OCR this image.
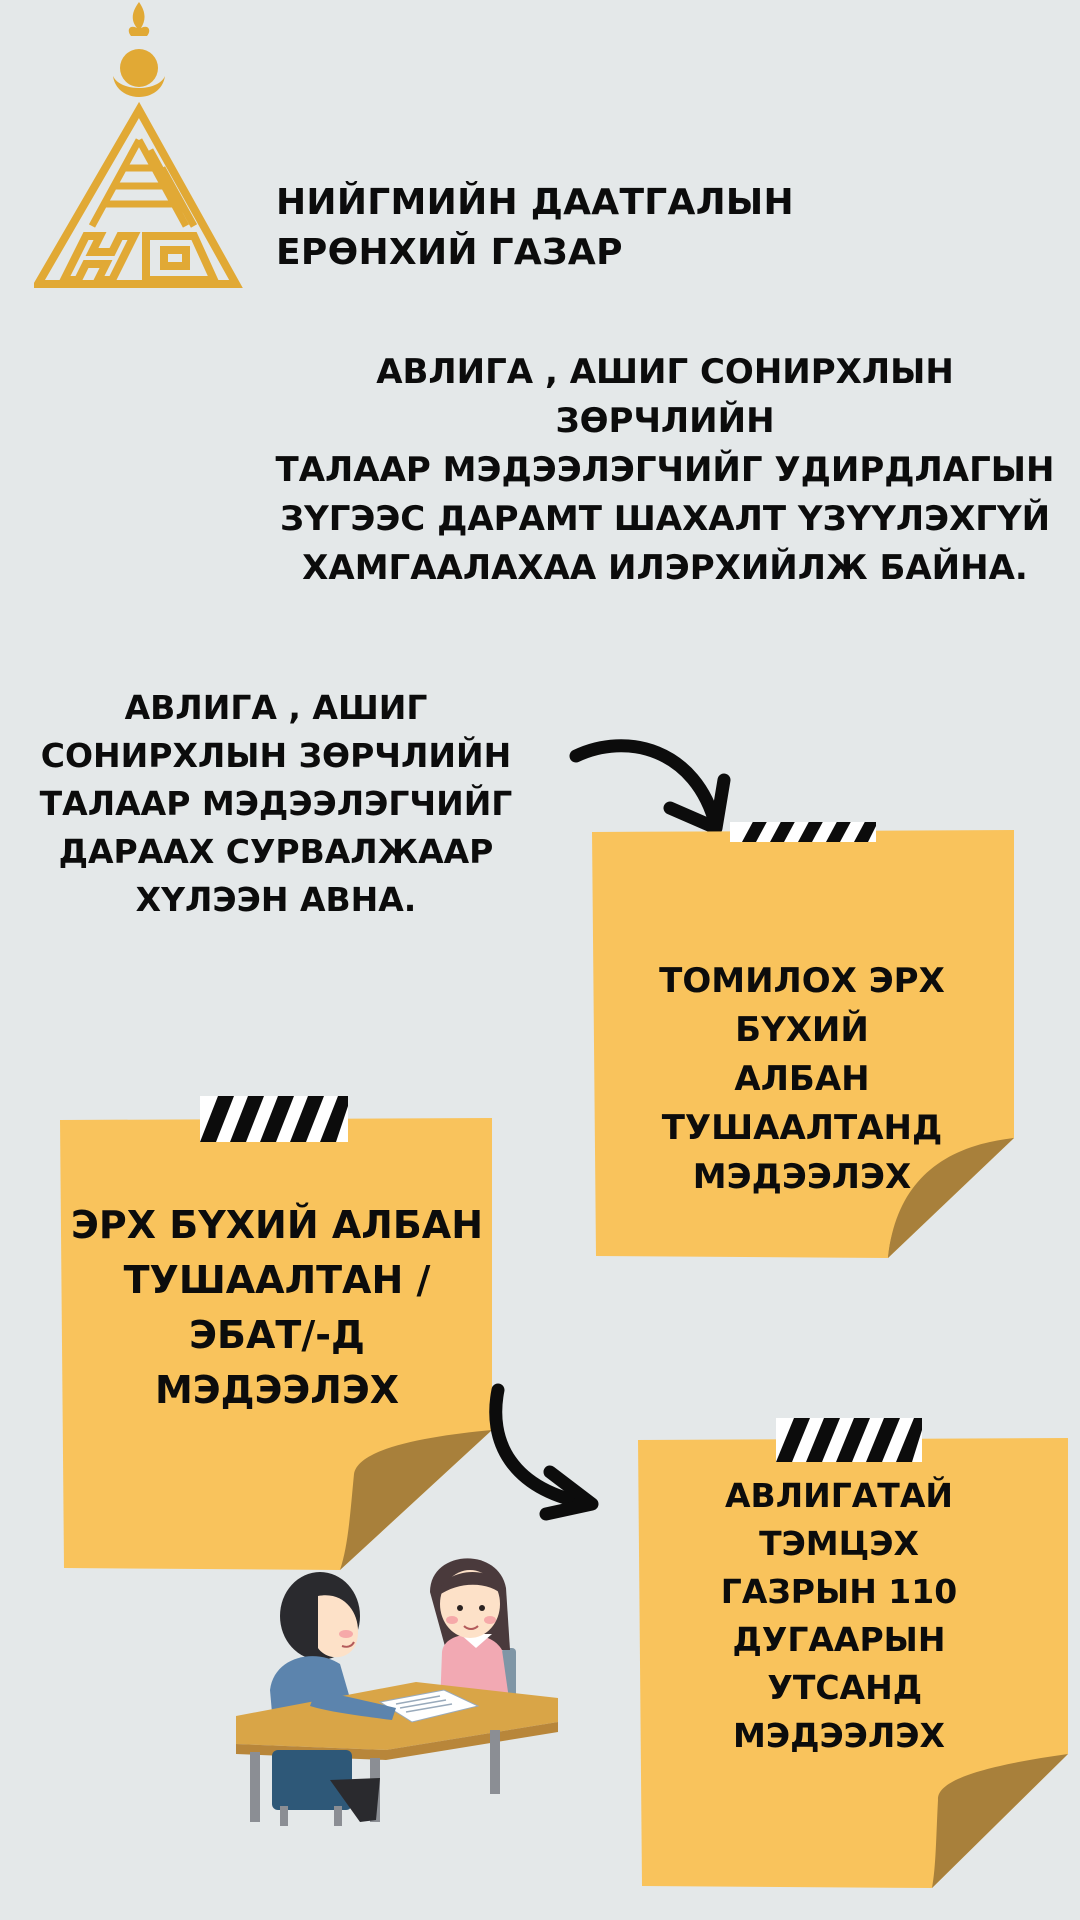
НИЙГМИЙН ДААТГАЛЫН
ЕРӨНХИЙ ГАЗАР
АВЛИГА , АШИГ СОНИРХЛЫН ЗӨРЧЛИЙН
ТАЛААР МЭДЭЭЛЭГЧИЙГ УДИРДЛАГЫН
ЗҮГЭЭС ДАРАМТ ШАХАЛТ ҮЗҮҮЛЭХГҮЙ
ХАМГААЛАХАА ИЛЭРХИЙЛЖ БАЙНА.
АВЛИГА , АШИГ
СОНИРХЛЫН ЗӨРЧЛИЙН
ТАЛААР МЭДЭЭЛЭГЧИЙГ
ДАРААХ СУРВАЛЖААР
ХҮЛЭЭН АВНА.
ТОМИЛОХ ЭРХ БҮХИЙ
АЛБАН ТУШААЛТАНД
МЭДЭЭЛЭХ
ЭРХ БҮХИЙ АЛБАН
ТУШААЛТАН /
ЭБАТ/-Д
МЭДЭЭЛЭХ
АВЛИГАТАЙ
ТЭМЦЭХ
ГАЗРЫН 110
ДУГААРЫН
УТСАНД
МЭДЭЭЛЭХ
